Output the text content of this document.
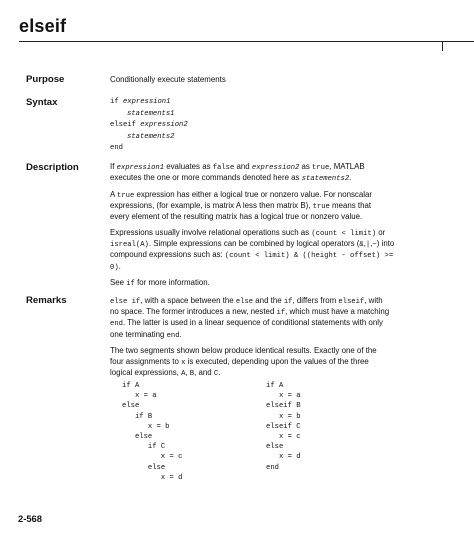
elseif
Purpose	Conditionally execute statements
Syntax	if expression1
statements1
elseif expression2
statements2
end
Description	If expression1 evaluates as false and expression2 as true, MATLAB
executes the one or more commands denoted here as statements2.

A true expression has either a logical true or nonzero value. For nonscalar
expressions, (for example, is matrix A less then matrix B), true means that
every element of the resulting matrix has a logical true or nonzero value.

Expressions usually involve relational operations such as (count < limit) or
isreal(A). Simple expressions can be combined by logical operators (&,|,~) into
compound expressions such as: (count < limit) & ((height - offset) >=
0).

See if for more information.

Remarks	else if, with a space between the else and the if, differs from elseif, with
no space. The former introduces a new, nested if, which must have a matching
end. The latter is used in a linear sequence of conditional statements with only
one terminating end.

The two segments shown below produce identical results. Exactly one of the
four assignments to x is executed, depending upon the values of the three
logical expressions, A, B, and C.

if A
x = a
else
if B
x = b
else
if C
x = c
else
x = d
if A
x = a
elseif B
x = b
elseif C
x = c
else
x = d
end
2-568
